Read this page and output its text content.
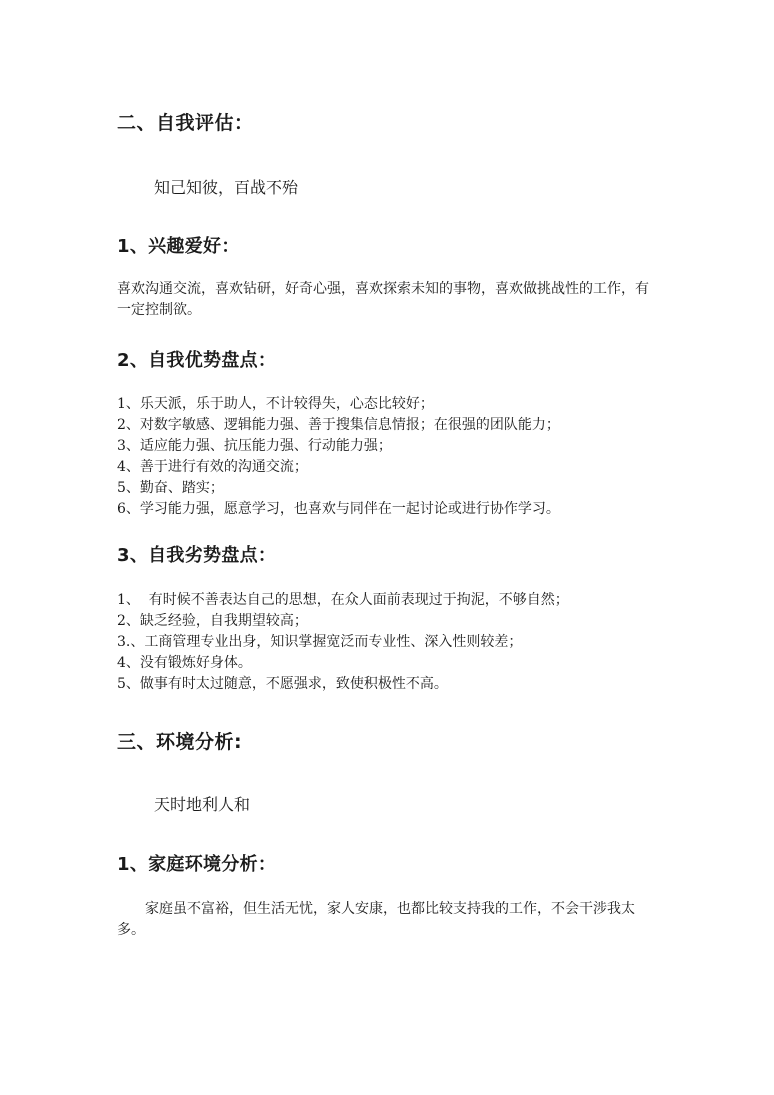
二、自我评估：

知己知彼，百战不殆

1、兴趣爱好：

喜欢沟通交流，喜欢钻研，好奇心强，喜欢探索未知的事物，喜欢做挑战性的工作，有一定控制欲。

2、自我优势盘点：
1、乐天派，乐于助人，不计较得失，心态比较好；
2、对数字敏感、逻辑能力强、善于搜集信息情报；在很强的团队能力；
3、适应能力强、抗压能力强、行动能力强；
4、善于进行有效的沟通交流；
5、勤奋、踏实；
6、学习能力强，愿意学习，也喜欢与同伴在一起讨论或进行协作学习。
3、自我劣势盘点：
1、  有时候不善表达自己的思想，在众人面前表现过于拘泥，不够自然；
2、缺乏经验，自我期望较高；
3.、工商管理专业出身，知识掌握宽泛而专业性、深入性则较差；
4、没有锻炼好身体。
5、做事有时太过随意，不愿强求，致使积极性不高。
三、环境分析:

天时地利人和

1、家庭环境分析：

家庭虽不富裕，但生活无忧，家人安康，也都比较支持我的工作，不会干涉我太多。
